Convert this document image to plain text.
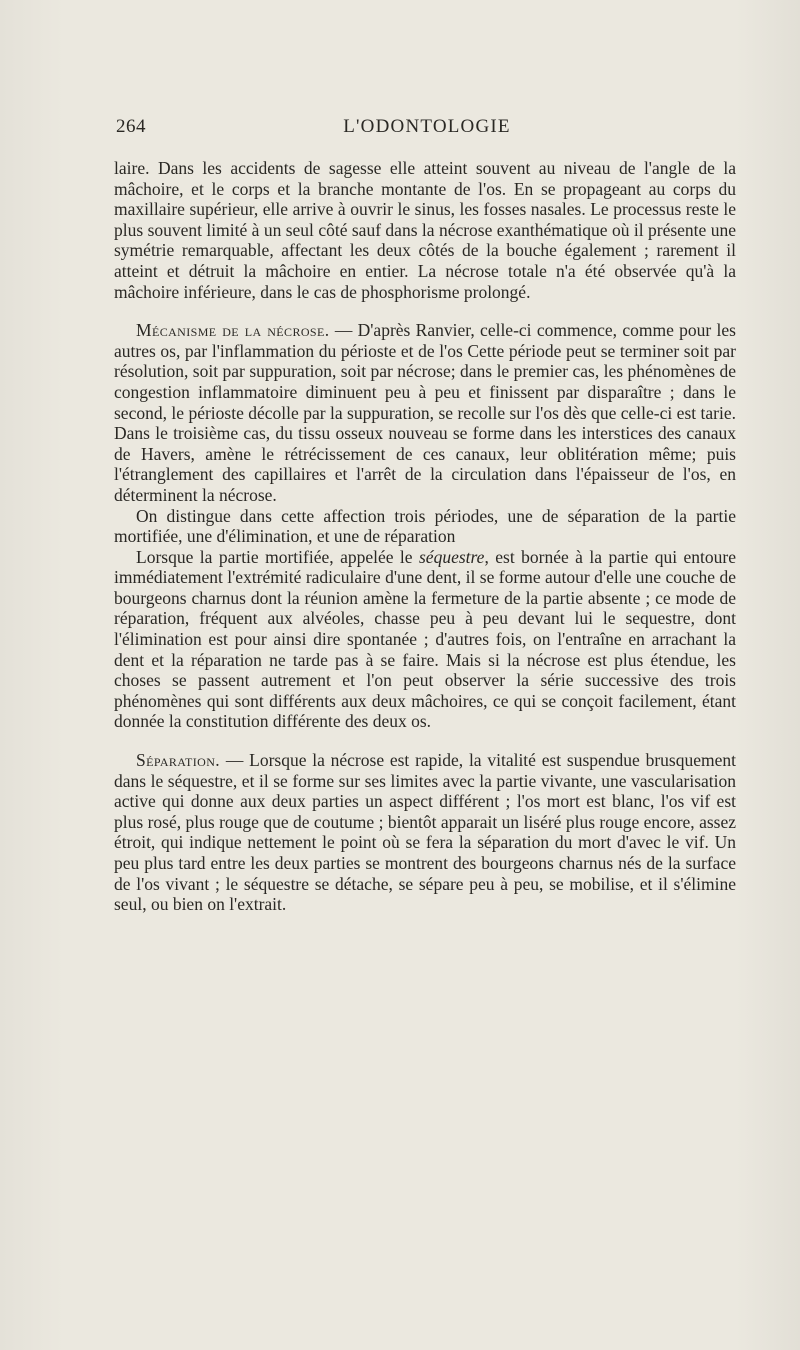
264	L'ODONTOLOGIE

laire. Dans les accidents de sagesse elle atteint souvent au niveau de l'angle de la mâchoire, et le corps et la branche montante de l'os. En se propageant au corps du maxillaire supérieur, elle arrive à ouvrir le sinus, les fosses nasales. Le processus reste le plus souvent limité à un seul côté sauf dans la nécrose exanthématique où il présente une symétrie remarquable, affectant les deux côtés de la bouche également ; rarement il atteint et détruit la mâchoire en entier. La nécrose totale n'a été observée qu'à la mâchoire inférieure, dans le cas de phosphorisme prolongé.

Mécanisme de la nécrose. — D'après Ranvier, celle-ci commence, comme pour les autres os, par l'inflammation du périoste et de l'os Cette période peut se terminer soit par résolution, soit par suppuration, soit par nécrose; dans le premier cas, les phénomènes de congestion inflammatoire diminuent peu à peu et finissent par disparaître ; dans le second, le périoste décolle par la suppuration, se recolle sur l'os dès que celle-ci est tarie. Dans le troisième cas, du tissu osseux nouveau se forme dans les interstices des canaux de Havers, amène le rétrécissement de ces canaux, leur oblitération même; puis l'étranglement des capillaires et l'arrêt de la circulation dans l'épaisseur de l'os, en déterminent la nécrose.

On distingue dans cette affection trois périodes, une de séparation de la partie mortifiée, une d'élimination, et une de réparation

Lorsque la partie mortifiée, appelée le séquestre, est bornée à la partie qui entoure immédiatement l'extrémité radiculaire d'une dent, il se forme autour d'elle une couche de bourgeons charnus dont la réunion amène la fermeture de la partie absente ; ce mode de réparation, fréquent aux alvéoles, chasse peu à peu devant lui le sequestre, dont l'élimination est pour ainsi dire spontanée ; d'autres fois, on l'entraîne en arrachant la dent et la réparation ne tarde pas à se faire. Mais si la nécrose est plus étendue, les choses se passent autrement et l'on peut observer la série successive des trois phénomènes qui sont différents aux deux mâchoires, ce qui se conçoit facilement, étant donnée la constitution différente des deux os.

Séparation. — Lorsque la nécrose est rapide, la vitalité est suspendue brusquement dans le séquestre, et il se forme sur ses limites avec la partie vivante, une vascularisation active qui donne aux deux parties un aspect différent ; l'os mort est blanc, l'os vif est plus rosé, plus rouge que de coutume ; bientôt apparait un liséré plus rouge encore, assez étroit, qui indique nettement le point où se fera la séparation du mort d'avec le vif. Un peu plus tard entre les deux parties se montrent des bourgeons charnus nés de la surface de l'os vivant ; le séquestre se détache, se sépare peu à peu, se mobilise, et il s'élimine seul, ou bien on l'extrait.
